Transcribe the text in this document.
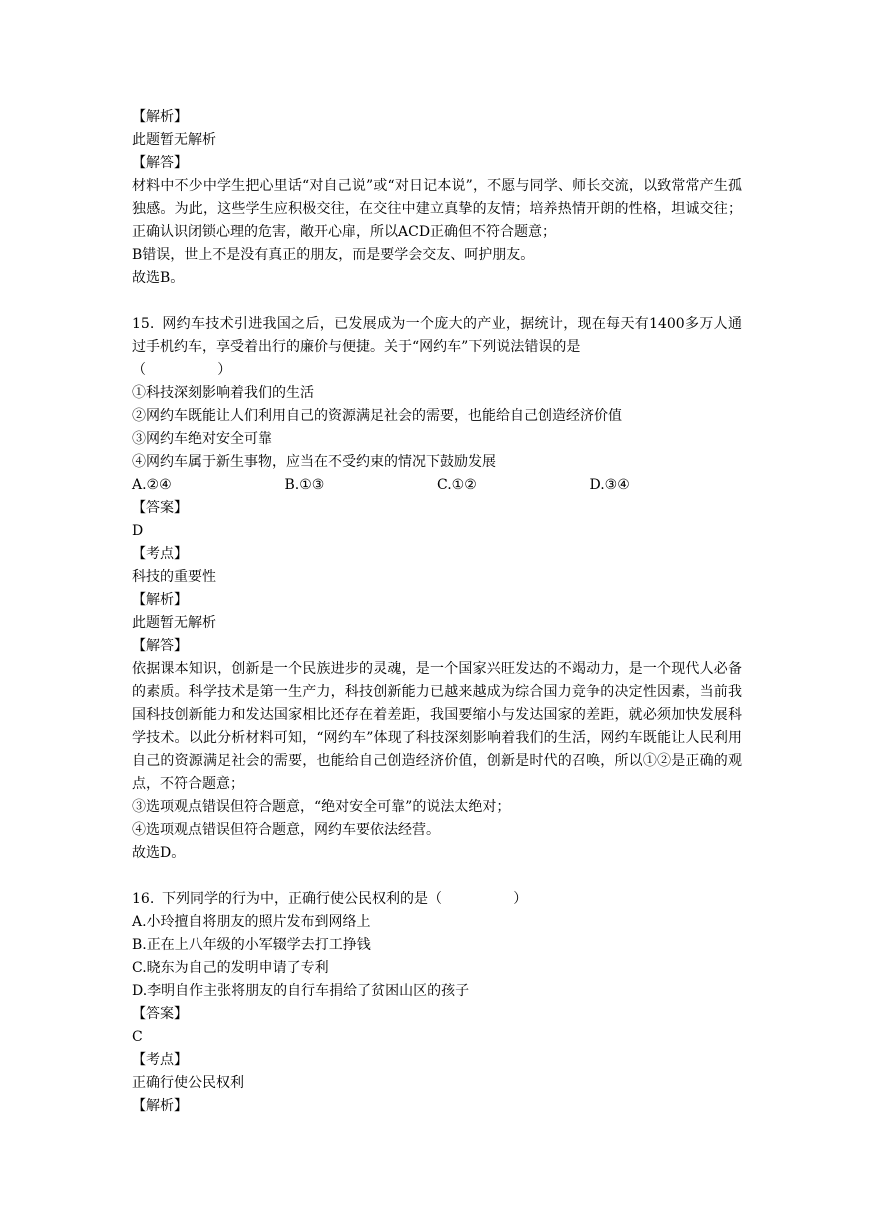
【解析】
此题暂无解析
【解答】
材料中不少中学生把心里话“对自己说”或“对日记本说”，不愿与同学、师长交流，以致常常产生孤独感。为此，这些学生应积极交往，在交往中建立真挚的友情；培养热情开朗的性格，坦诚交往；正确认识闭锁心理的危害，敞开心扉，所以ACD正确但不符合题意；
B错误，世上不是没有真正的朋友，而是要学会交友、呵护朋友。
故选B。
15. 网约车技术引进我国之后，已发展成为一个庞大的产业，据统计，现在每天有1400多万人通过手机约车，享受着出行的廉价与便捷。关于“网约车”下列说法错误的是
（                ）
①科技深刻影响着我们的生活
②网约车既能让人们利用自己的资源满足社会的需要，也能给自己创造经济价值
③网约车绝对安全可靠
④网约车属于新生事物，应当在不受约束的情况下鼓励发展
A.②④	B.①③	C.①②	D.③④
【答案】
D
【考点】
科技的重要性
【解析】
此题暂无解析
【解答】
依据课本知识，创新是一个民族进步的灵魂，是一个国家兴旺发达的不竭动力，是一个现代人必备的素质。科学技术是第一生产力，科技创新能力已越来越成为综合国力竞争的决定性因素，当前我国科技创新能力和发达国家相比还存在着差距，我国要缩小与发达国家的差距，就必须加快发展科学技术。以此分析材料可知，“网约车”体现了科技深刻影响着我们的生活，网约车既能让人民利用自己的资源满足社会的需要，也能给自己创造经济价值，创新是时代的召唤，所以①②是正确的观点，不符合题意；
③选项观点错误但符合题意，“绝对安全可靠”的说法太绝对；
④选项观点错误但符合题意，网约车要依法经营。
故选D。
16. 下列同学的行为中，正确行使公民权利的是（                ）
A.小玲擅自将朋友的照片发布到网络上
B.正在上八年级的小军辍学去打工挣钱
C.晓东为自己的发明申请了专利
D.李明自作主张将朋友的自行车捐给了贫困山区的孩子
【答案】
C
【考点】
正确行使公民权利
【解析】
